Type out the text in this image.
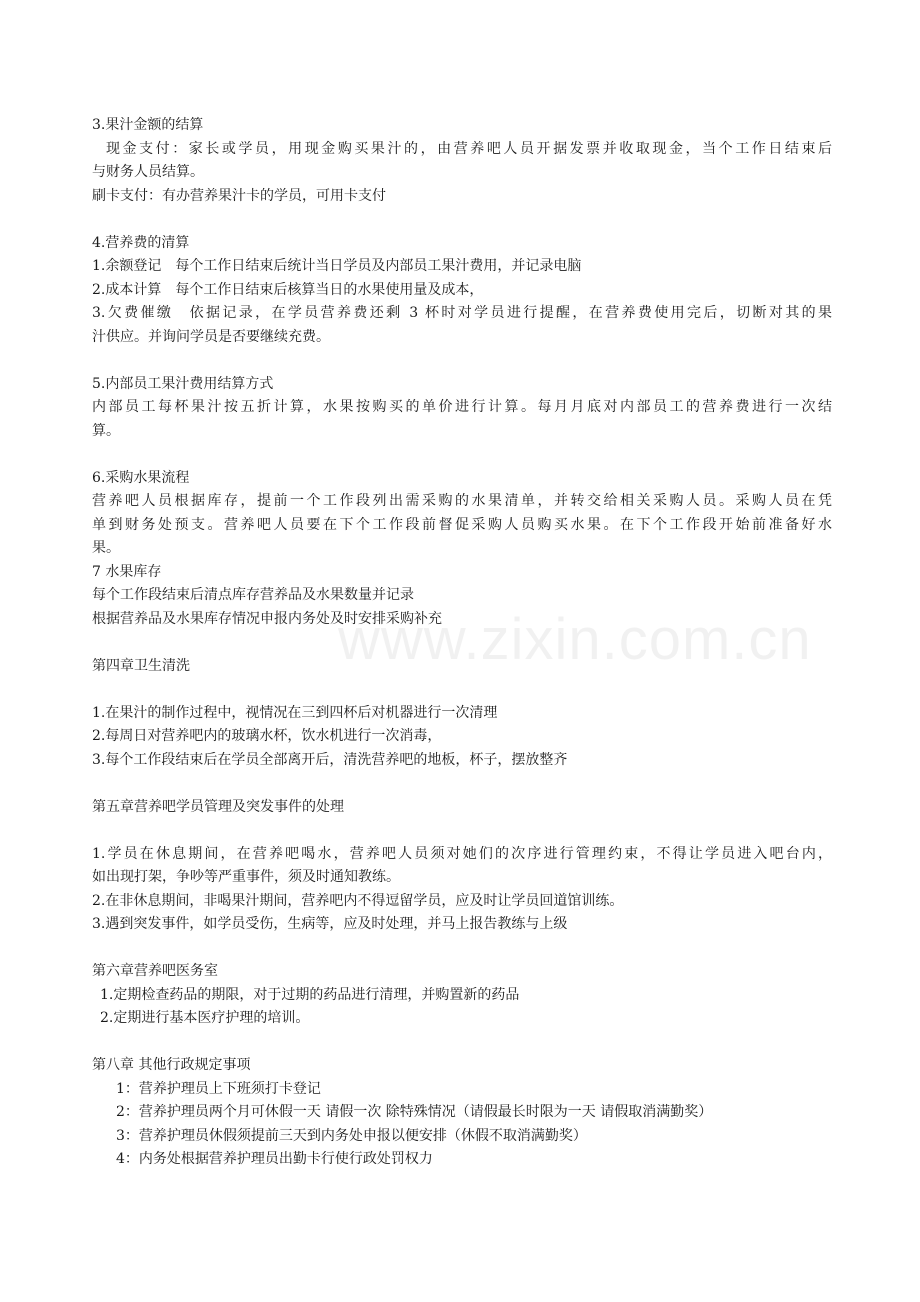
3.果汁金额的结算
现金支付：家长或学员，用现金购买果汁的，由营养吧人员开据发票并收取现金，当个工作日结束后
与财务人员结算。
刷卡支付：有办营养果汁卡的学员，可用卡支付
4.营养费的清算
1.余额登记　每个工作日结束后统计当日学员及内部员工果汁费用，并记录电脑
2.成本计算　每个工作日结束后核算当日的水果使用量及成本，
3.欠费催缴　依据记录，在学员营养费还剩 3 杯时对学员进行提醒，在营养费使用完后，切断对其的果
汁供应。并询问学员是否要继续充费。
5.内部员工果汁费用结算方式
内部员工每杯果汁按五折计算，水果按购买的单价进行计算。每月月底对内部员工的营养费进行一次结
算。
6.采购水果流程
营养吧人员根据库存，提前一个工作段列出需采购的水果清单，并转交给相关采购人员。采购人员在凭
单到财务处预支。营养吧人员要在下个工作段前督促采购人员购买水果。在下个工作段开始前准备好水
果。
7 水果库存
每个工作段结束后清点库存营养品及水果数量并记录
根据营养品及水果库存情况申报内务处及时安排采购补充
第四章卫生清洗
1.在果汁的制作过程中，视情况在三到四杯后对机器进行一次清理
2.每周日对营养吧内的玻璃水杯，饮水机进行一次消毒，
3.每个工作段结束后在学员全部离开后，清洗营养吧的地板，杯子，摆放整齐
第五章营养吧学员管理及突发事件的处理
1.学员在休息期间，在营养吧喝水，营养吧人员须对她们的次序进行管理约束，不得让学员进入吧台内，
如出现打架，争吵等严重事件，须及时通知教练。
2.在非休息期间，非喝果汁期间，营养吧内不得逗留学员，应及时让学员回道馆训练。
3.遇到突发事件，如学员受伤，生病等，应及时处理，并马上报告教练与上级
第六章营养吧医务室
1.定期检查药品的期限，对于过期的药品进行清理，并购置新的药品
2.定期进行基本医疗护理的培训。
第八章 其他行政规定事项
1：营养护理员上下班须打卡登记
2：营养护理员两个月可休假一天 请假一次 除特殊情况（请假最长时限为一天 请假取消满勤奖）
3：营养护理员休假须提前三天到内务处申报以便安排（休假不取消满勤奖）
4：内务处根据营养护理员出勤卡行使行政处罚权力
www.zixin.com.cn
